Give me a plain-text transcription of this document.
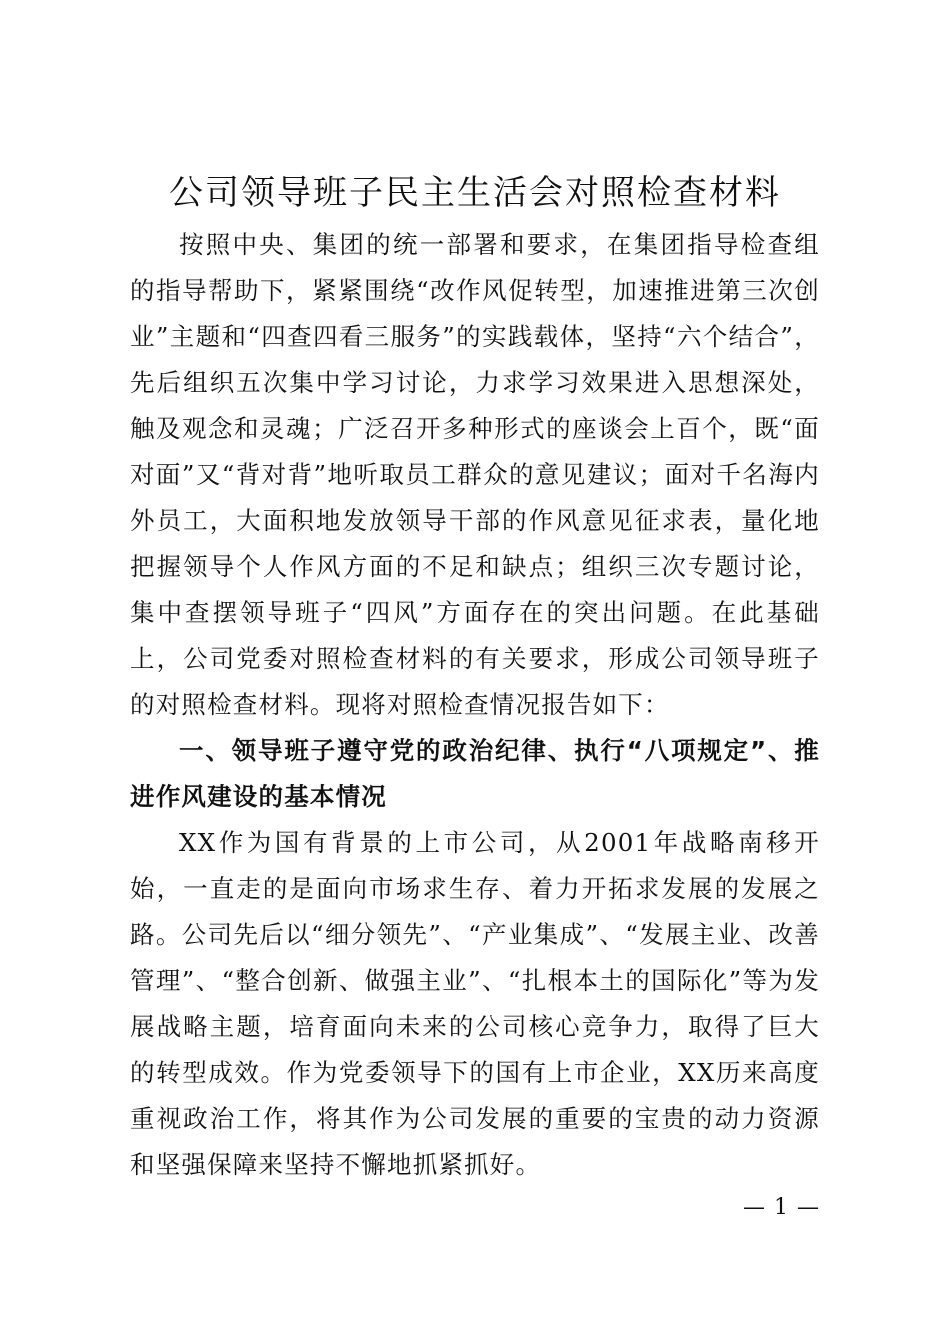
公司领导班子民主生活会对照检查材料

按照中央、集团的统一部署和要求，在集团指导检查组的指导帮助下，紧紧围绕“改作风促转型，加速推进第三次创业”主题和“四查四看三服务”的实践载体，坚持“六个结合”，先后组织五次集中学习讨论，力求学习效果进入思想深处，触及观念和灵魂；广泛召开多种形式的座谈会上百个，既“面对面”又“背对背”地听取员工群众的意见建议；面对千名海内外员工，大面积地发放领导干部的作风意见征求表，量化地把握领导个人作风方面的不足和缺点；组织三次专题讨论，集中查摆领导班子“四风”方面存在的突出问题。在此基础上，公司党委对照检查材料的有关要求，形成公司领导班子的对照检查材料。现将对照检查情况报告如下：

一、领导班子遵守党的政治纪律、执行“八项规定”、推进作风建设的基本情况

XX作为国有背景的上市公司，从2001年战略南移开始，一直走的是面向市场求生存、着力开拓求发展的发展之路。公司先后以“细分领先”、“产业集成”、“发展主业、改善管理”、“整合创新、做强主业”、“扎根本土的国际化”等为发展战略主题，培育面向未来的公司核心竞争力，取得了巨大的转型成效。作为党委领导下的国有上市企业，XX历来高度重视政治工作，将其作为公司发展的重要的宝贵的动力资源和坚强保障来坚持不懈地抓紧抓好。

— 1 —
